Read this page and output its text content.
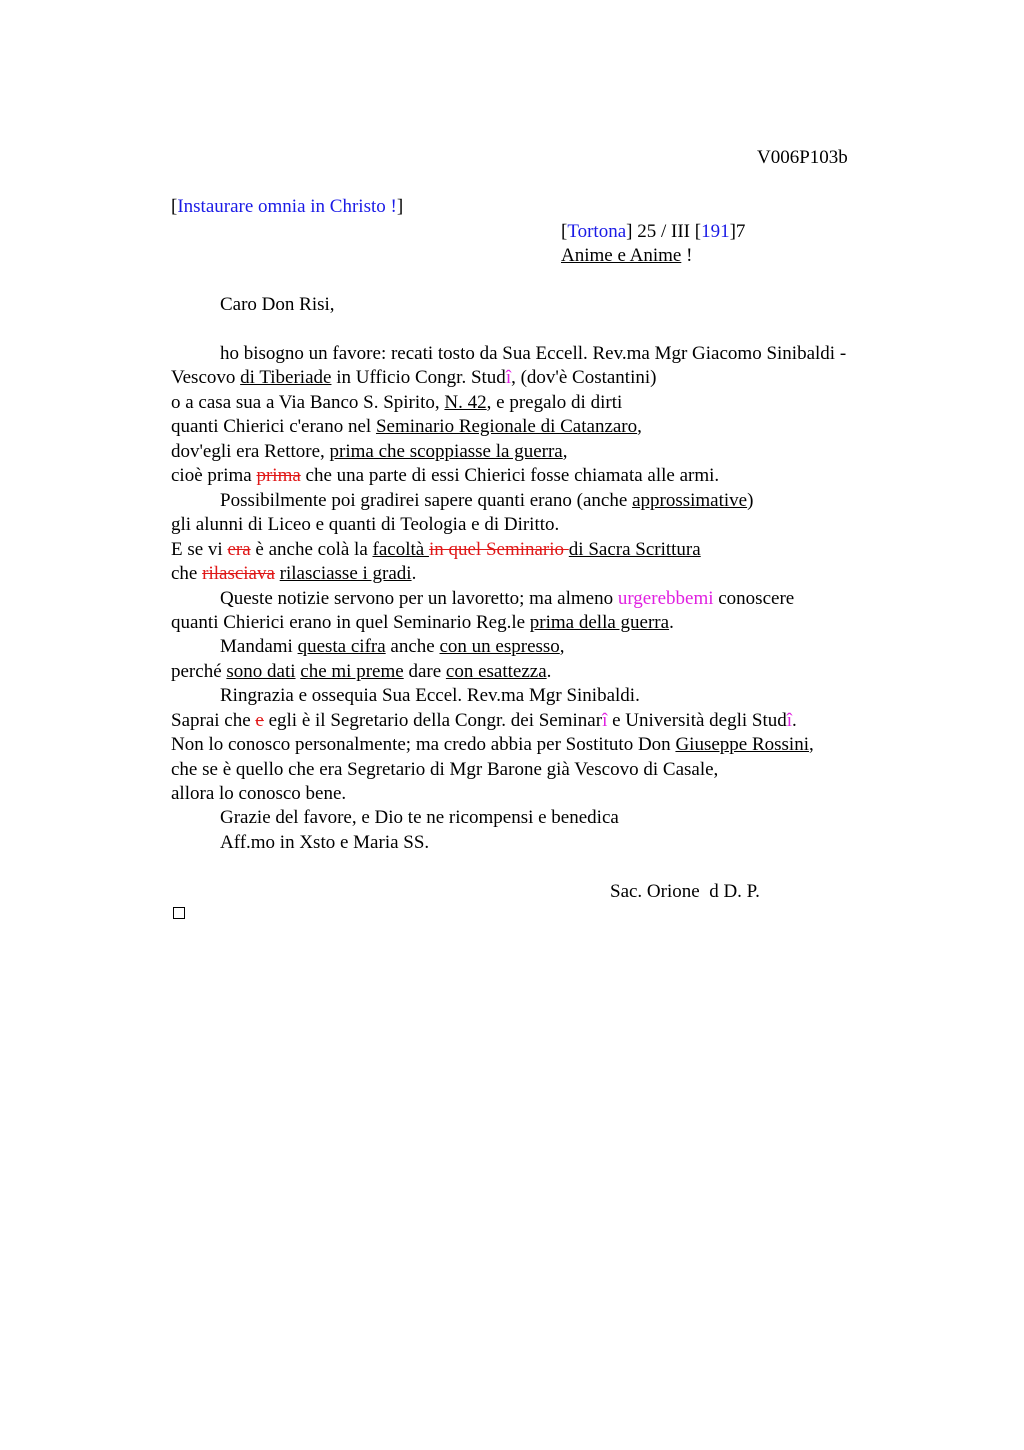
V006P103b
[Instaurare omnia in Christo !]
[Tortona] 25 / III [191]7
Anime e Anime !
Caro Don Risi,
ho bisogno un favore: recati tosto da Sua Eccell. Rev.ma Mgr Giacomo Sinibaldi -
Vescovo di Tiberiade in Ufficio Congr. Studî, (dov'è Costantini)
o a casa sua a Via Banco S. Spirito, N. 42, e pregalo di dirti
quanti Chierici c'erano nel Seminario Regionale di Catanzaro,
dov'egli era Rettore, prima che scoppiasse la guerra,
cioè prima prima che una parte di essi Chierici fosse chiamata alle armi.
Possibilmente poi gradirei sapere quanti erano (anche approssimative)
gli alunni di Liceo e quanti di Teologia e di Diritto.
E se vi era è anche colà la facoltà in quel Seminario di Sacra Scrittura
che rilasciava rilasciasse i gradi.
Queste notizie servono per un lavoretto; ma almeno urgerebbemi conoscere
quanti Chierici erano in quel Seminario Reg.le prima della guerra.
Mandami questa cifra anche con un espresso,
perché sono dati che mi preme dare con esattezza.
Ringrazia e ossequia Sua Eccel. Rev.ma Mgr Sinibaldi.
Saprai che e egli è il Segretario della Congr. dei Seminarî e Università degli Studî.
Non lo conosco personalmente; ma credo abbia per Sostituto Don Giuseppe Rossini,
che se è quello che era Segretario di Mgr Barone già Vescovo di Casale,
allora lo conosco bene.
Grazie del favore, e Dio te ne ricompensi e benedica
Aff.mo in Xsto e Maria SS.
Sac. Orione  d D. P.
